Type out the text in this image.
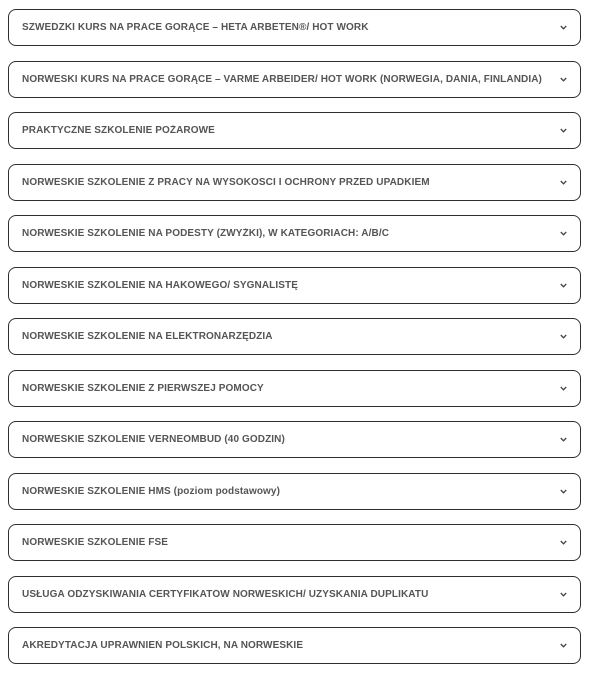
SZWEDZKI KURS NA PRACE GORĄCE – HETA ARBETEN®/ HOT WORK
NORWESKI KURS NA PRACE GORĄCE – VARME ARBEIDER/ HOT WORK (NORWEGIA, DANIA, FINLANDIA)
PRAKTYCZNE SZKOLENIE POŻAROWE
NORWESKIE SZKOLENIE Z PRACY NA WYSOKOSCI I OCHRONY PRZED UPADKIEM
NORWESKIE SZKOLENIE NA PODESTY (ZWYŻKI), W KATEGORIACH: A/B/C
NORWESKIE SZKOLENIE NA HAKOWEGO/ SYGNALISTĘ
NORWESKIE SZKOLENIE NA ELEKTRONARZĘDZIA
NORWESKIE SZKOLENIE Z PIERWSZEJ POMOCY
NORWESKIE SZKOLENIE VERNEOMBUD (40 GODZIN)
NORWESKIE SZKOLENIE HMS (poziom podstawowy)
NORWESKIE SZKOLENIE FSE
USŁUGA ODZYSKIWANIA CERTYFIKATÓW NORWESKICH/ UZYSKANIA DUPLIKATU
AKREDYTACJA UPRAWNIEŃ POLSKICH, NA NORWESKIE
